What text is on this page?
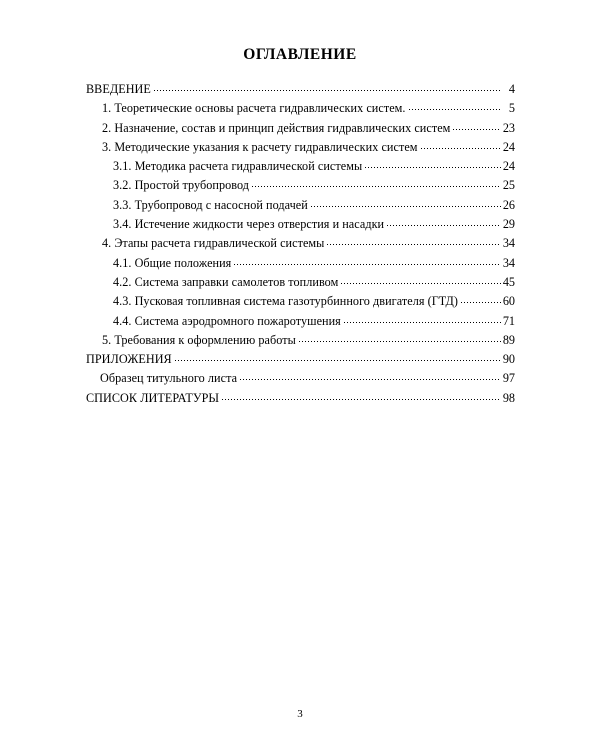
ОГЛАВЛЕНИЕ
ВВЕДЕНИЕ	4
1. Теоретические основы расчета гидравлических систем.	5
2. Назначение, состав и принцип действия гидравлических систем	23
3. Методические указания к расчету гидравлических систем	24
3.1. Методика расчета гидравлической системы	24
3.2. Простой трубопровод	25
3.3. Трубопровод с насосной подачей	26
3.4. Истечение жидкости через отверстия и насадки	29
4. Этапы расчета гидравлической системы	34
4.1. Общие положения	34
4.2. Система заправки самолетов топливом	45
4.3. Пусковая топливная система газотурбинного двигателя (ГТД)	60
4.4. Система аэродромного пожаротушения	71
5. Требования к оформлению работы	89
ПРИЛОЖЕНИЯ	90
Образец титульного листа	97
СПИСОК ЛИТЕРАТУРЫ	98
3
